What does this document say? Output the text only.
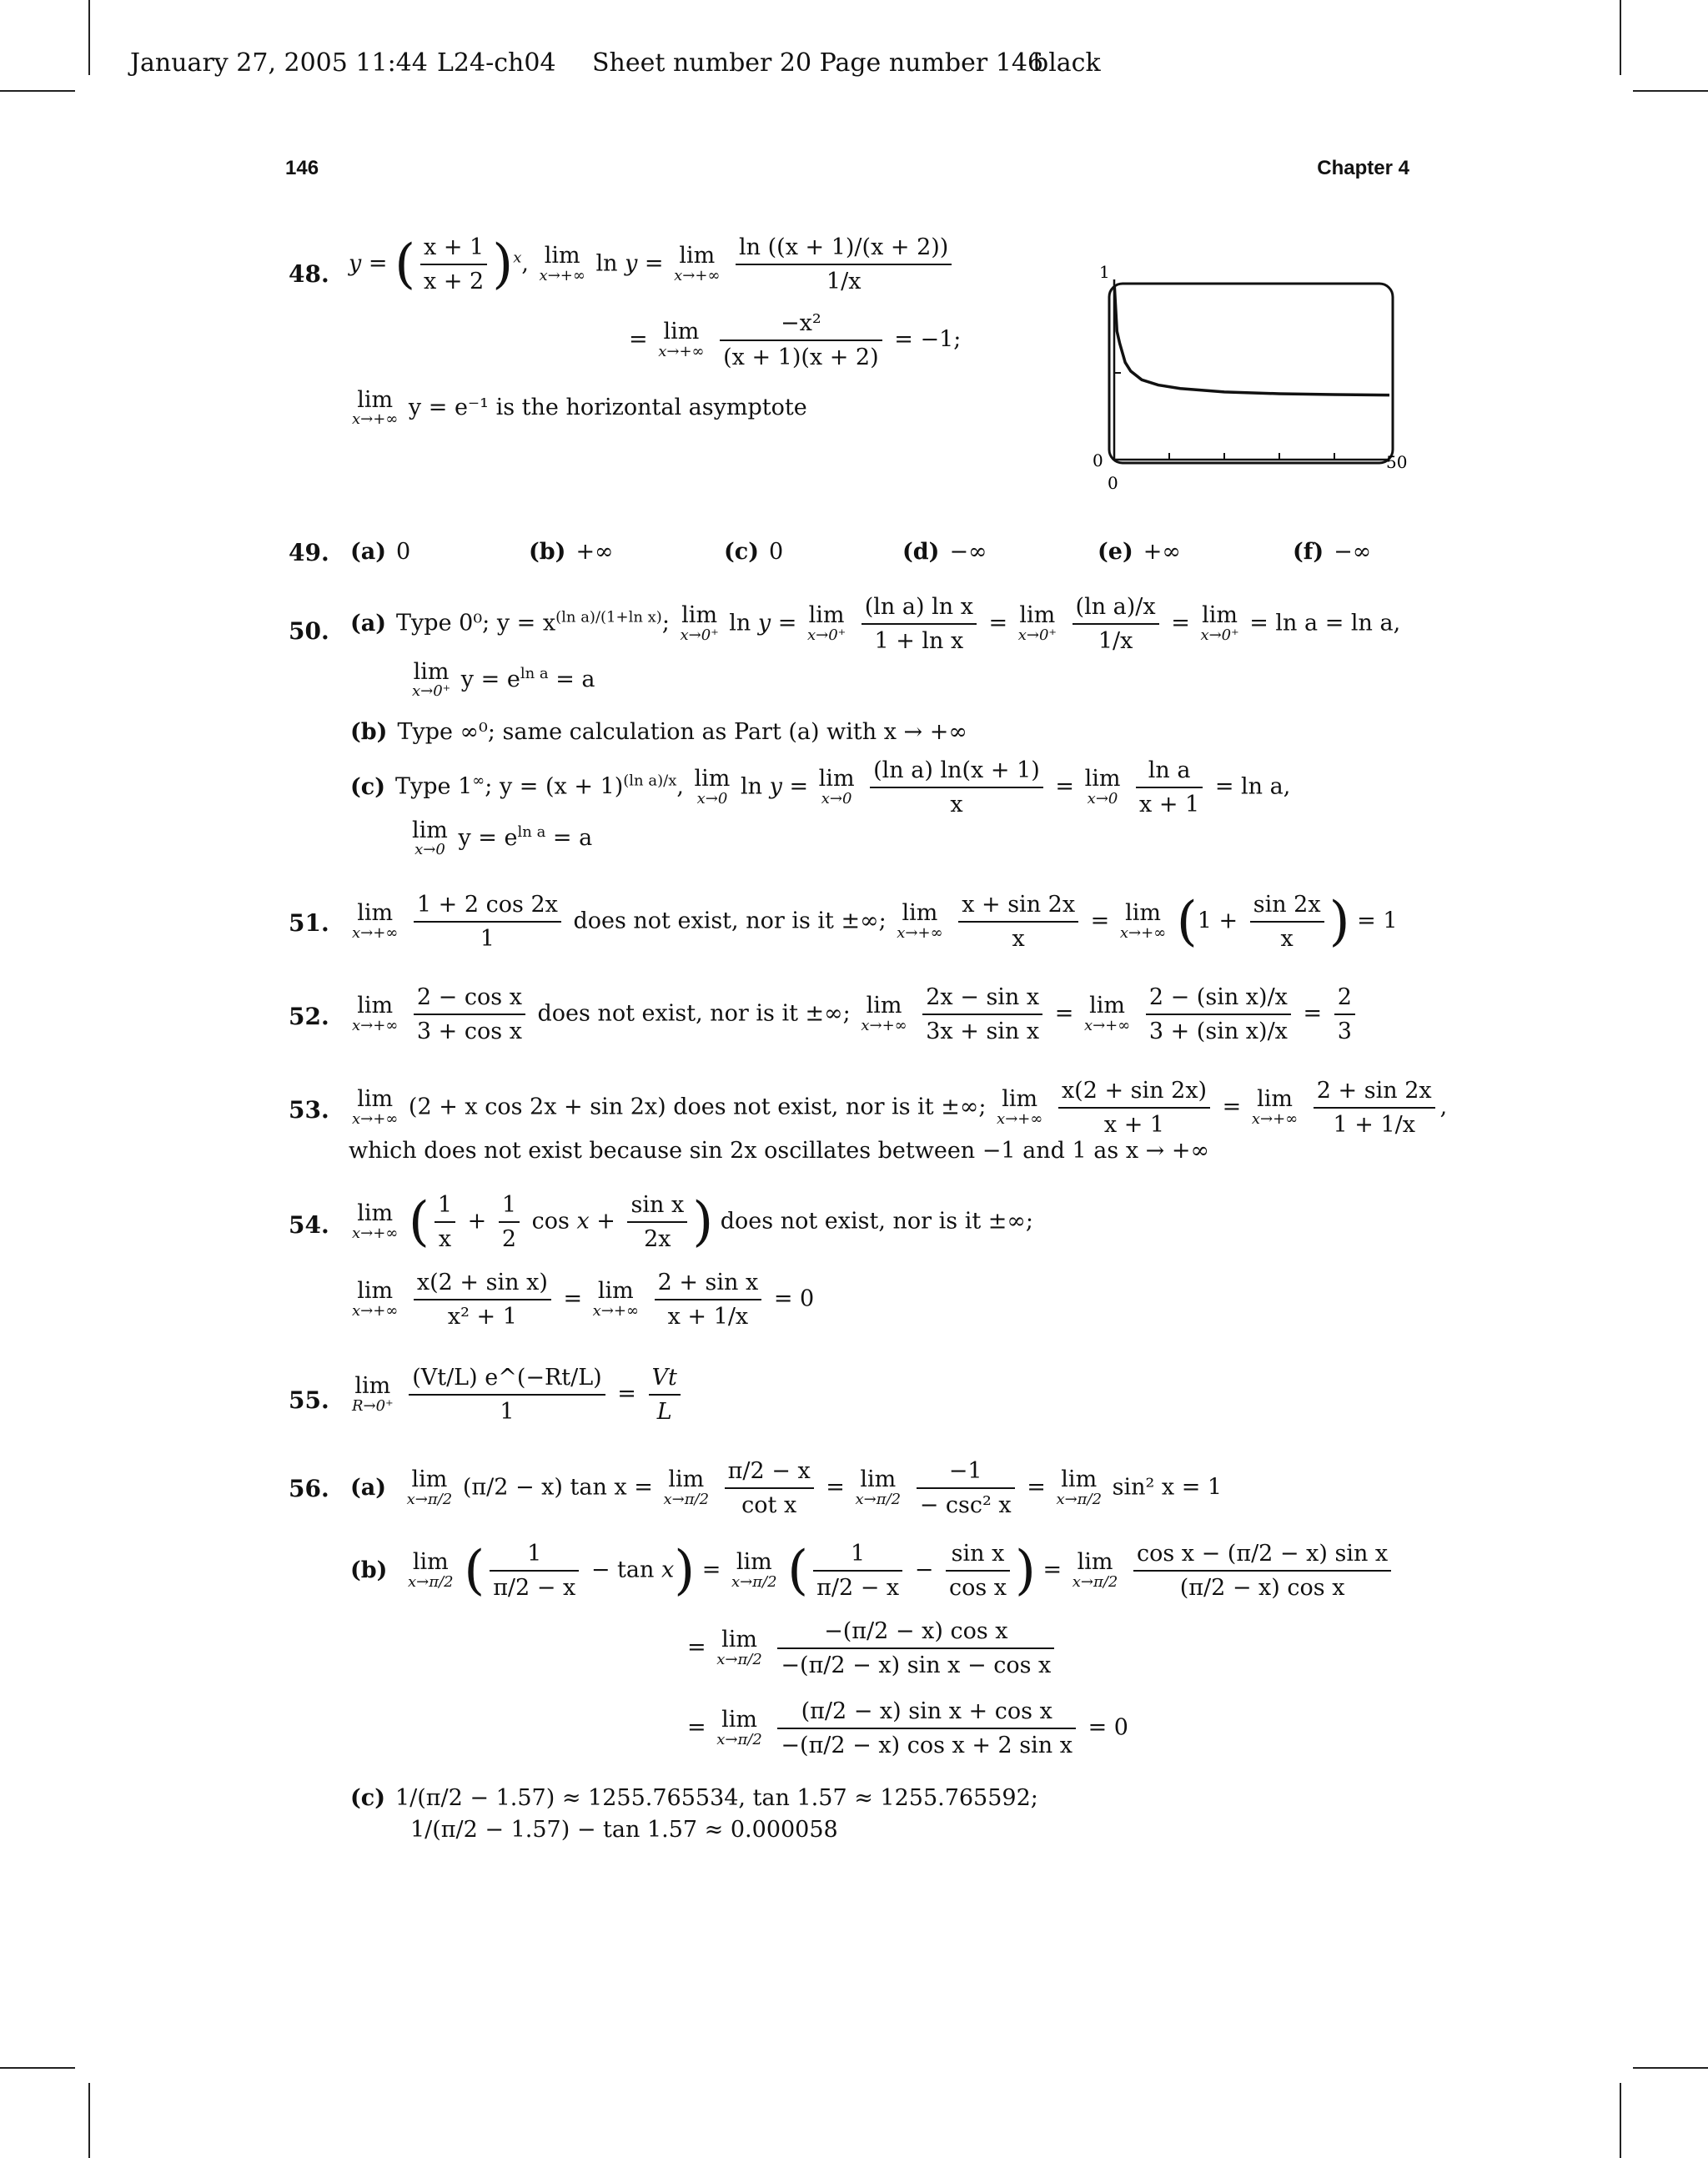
January 27, 2005 11:44 L24-ch04 Sheet number 20 Page number 146
black
146	Chapter 4
48. y = ( $\frac{x + 1}{x + 2} )^x$, lim
x→+∞ ln y = lim
x→+∞
$\frac{\ln ((x + 1)/(x + 2))}{1/x}$
= lim
x→+∞
$\frac{\text{−x²}}{(x + 1)(x + 2)} = -1$;
lim
x→+∞ y = e⁻¹ is the horizontal asymptote
1
0
0
50
49. (a) 0	(b) +∞	(c) 0	(d) −∞	(e) +∞	(f) −∞
50. (a) Type 0⁰; $y = x^{(ln a)/(1+ln x)}$; lim
x→0⁺ ln y = lim
x→0⁺
$\frac{\text{(ln a) ln x}}{\text{1 + ln x}} = \lim$
x→0⁺
$\frac{\text{(ln a)/x}}{1/x} = \lim$
x→0⁺ = ln a = ln a,
lim
x→0⁺ $y = e^{ln a} = a$
(b) Type ∞⁰; same calculation as Part (a) with x → +∞
(c) Type 1∞; $y = (x + 1)^{(ln a)/x}$, lim
x→0 ln y = lim
x→0
$\frac{\text{(ln a) ln(x + 1)}}{x} = \lim$
x→0
$\frac{\text{ln a}}{x + 1} = \ln a$,
lim
x→0 $y = e^{ln a} = a$
51.	lim
x→+∞
$\frac{1 + 2 \cos 2x}{1}$ does not exist, nor is it ±∞; lim
x→+∞
$\frac{x + \sin 2x}{x} = \lim$
x→+∞ ($1 + \frac{\sin 2x}{x}$ ) = 1
52.	lim
x→+∞
$\frac{\text{2 − cos x}}{\text{3 + cos x}}$ does not exist, nor is it ±∞; lim
x→+∞
$\frac{\text{2x − sin x}}{\text{3x + sin x}} = \lim$
x→+∞
$\frac{\text{2 − (sin x)/x}}{\text{3 + (sin x)/x}} = \frac{2}{3}$
53.	lim
x→+∞ (2 + x cos 2x + sin 2x) does not exist, nor is it ±∞; lim
x→+∞
$\frac{x(2 + \sin 2x)}{x + 1} = \lim$
x→+∞
$\frac{2 + \sin 2x}{1 + 1/x}$ ,
which does not exist because sin 2x oscillates between −1 and 1 as x → +∞
54.	lim
x→+∞ ( $\frac{1}{x} + \frac{1}{2}$ $\cos x + \frac{\text{sin x}}{2x}$ ) does not exist, nor is it ±∞;
lim
x→+∞
$\frac{\text{x(2 + sin x)}}{\text{x² + 1}} = \lim$
x→+∞
$\frac{\text{2 + sin x}}{x + 1/x} = 0$
55.
lim
R→0⁺
$\frac{(Vt/L) e\^{}(-Rt/L)}{1} = \frac{Vt}{L}$
56. (a) lim
x→π/2 (π/2 − x) tan x = lim
x→π/2
$\frac{\pi/2 - x}{\text{cot x}} = \lim$
x→π/2
$\frac{-1}{\text{− csc² x}} = \lim$
x→π/2 sin² x = 1
(b) lim
x→π/2 ( $\frac{1}{\pi/2 - x} - \tan x) = \lim$
x→π/2 ( $\frac{1}{\pi/2 - x} - \frac{\text{sin x}}{\text{cos x}}$ ) = lim
x→π/2
$\frac{\text{cos x − (π/2 − x) sin x}}{\text{(π/2 − x) cos x}}$
= lim
x→π/2
$\frac{\text{−(π/2 − x) cos x}}{\text{−(π/2 − x) sin x − cos x}}$
= lim
x→π/2
$\frac{\text{(π/2 − x) sin x + cos x}}{\text{−(π/2 − x) cos x + 2 sin x}} = 0$
(c) 1/(π/2 − 1.57) ≈ 1255.765534, tan 1.57 ≈ 1255.765592;
1/(π/2 − 1.57) − tan 1.57 ≈ 0.000058
